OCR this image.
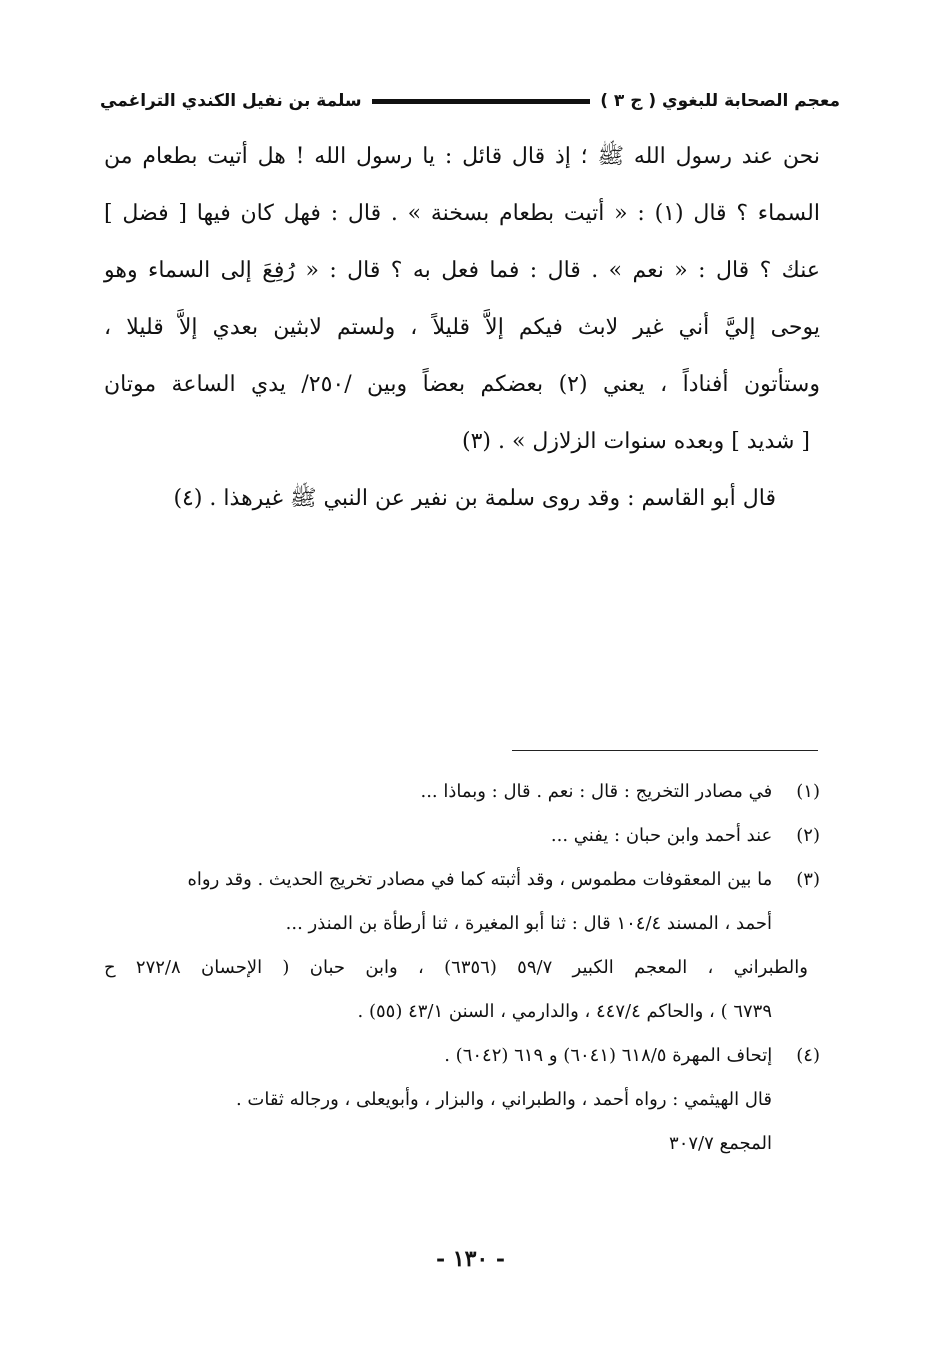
معجم الصحابة للبغوي ( ج ٣ )
سلمة بن نفيل الكندي التراغمي
نحن عند رسول الله ﷺ ؛ إذ قال قائل : يا رسول الله ! هل أتيت بطعام من
السماء ؟ قال (١) : « أتيت بطعام بسخنة » . قال : فهل كان فيها [ فضل ]
عنك ؟ قال : « نعم » . قال : فما فعل به ؟ قال : « رُفِعَ إلى السماء وهو
يوحى إليَّ أني غير لابث فيكم إلاَّ قليلاً ، ولستم لابثين بعدي إلاَّ قليلا ،
وستأتون أفناداً ، يعني (٢) بعضكم بعضاً وبين /٢٥٠/ يدي الساعة موتان
[ شديد ] وبعده سنوات الزلازل » . (٣)
قال أبو القاسم : وقد روى سلمة بن نفير عن النبي ﷺ غيرهذا . (٤)
(١) في مصادر التخريج : قال : نعم . قال : وبماذا ...
(٢) عند أحمد وابن حبان : يفني ...
(٣) ما بين المعقوفات مطموس ، وقد أثبته كما في مصادر تخريج الحديث . وقد رواه
أحمد ، المسند ١٠٤/٤ قال : ثنا أبو المغيرة ، ثنا أرطأة بن المنذر ...
والطبراني ، المعجم الكبير ٥٩/٧ (٦٣٥٦) ، وابن حبان ( الإحسان ٢٧٢/٨ ح
٦٧٣٩ ) ، والحاكم ٤٤٧/٤ ، والدارمي ، السنن ٤٣/١ (٥٥) .
(٤) إتحاف المهرة ٦١٨/٥ (٦٠٤١) و ٦١٩ (٦٠٤٢) .
قال الهيثمي : رواه أحمد ، والطبراني ، والبزار ، وأبويعلى ، ورجاله ثقات .
المجمع ٣٠٧/٧
- ١٣٠ -
